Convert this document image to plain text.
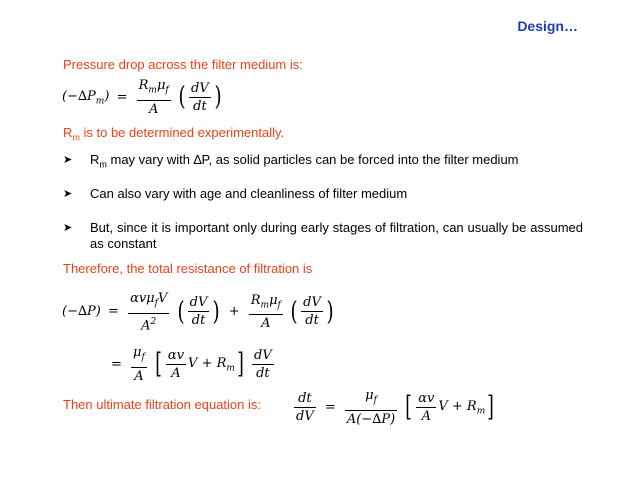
Design…
Pressure drop across the filter medium is:
$(-\Delta P_m) = \frac{R_m\mu_f}{A}$ ( $\frac{dV}{dt}$ )
$R_m$ is to be determined experimentally.
➤	$R_m$ may vary with ∆P, as solid particles can be forced into the filter medium
➤	Can also vary with age and cleanliness of filter medium
➤	But, since it is important only during early stages of filtration, can usually be assumed as constant
Therefore, the total resistance of filtration is
$(-\Delta P) = \frac{\alpha v\mu_fV}{A^2}$ ( $\frac{dV}{dt}$ ) + $\frac{R_m\mu_f}{A}$ ( $\frac{dV}{dt}$ )
= $\frac{\mu_f}{A}$ [ $\frac{\alpha v}{A}$ $V + R_m] \frac{dV}{dt}$
Then ultimate filtration equation is:	$\frac{dt}{dV} = \frac{\mu_f}{A(-\Delta P)}$ [ $\frac{\alpha v}{A}$ $V + R_m$]
